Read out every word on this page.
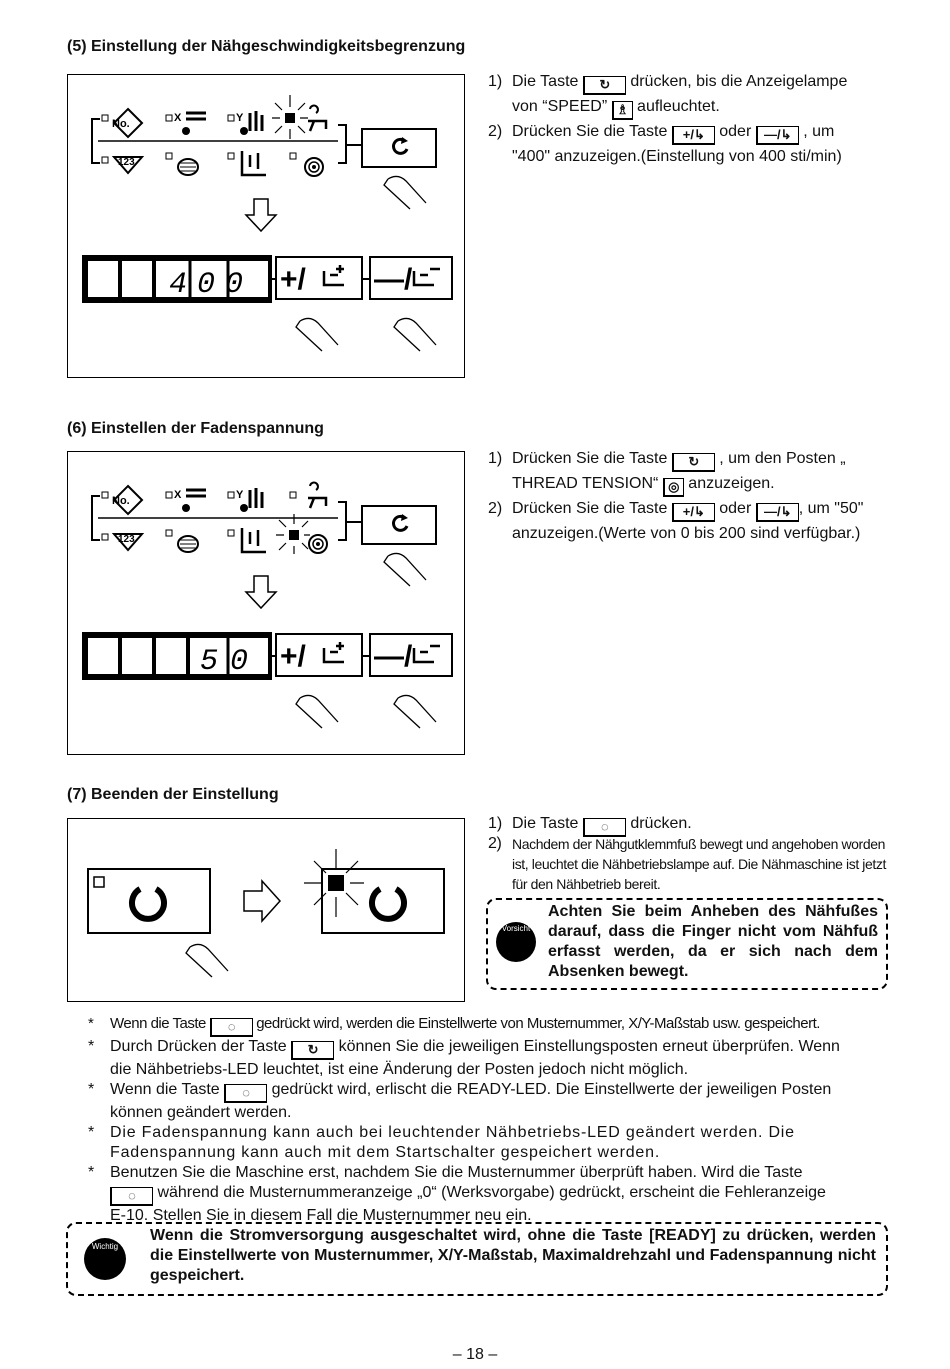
(5) Einstellung der Nähgeschwindigkeitsbegrenzung
No.	X	Y
123
400 +/ —/
1) Die Taste ↻ drücken, bis die Anzeigelampe
von “SPEED” ♗ aufleuchtet.
2) Drücken Sie die Taste +/↳ oder —/↳ , um
"400" anzuzeigen.(Einstellung von 400 sti/min)
(6) Einstellen der Fadenspannung
No.	X	Y
123
50 +/ —/
1) Drücken Sie die Taste ↻ , um den Posten „
THREAD TENSION“ ◎ anzuzeigen.
2) Drücken Sie die Taste +/↳ oder —/↳ , um "50"
anzuzeigen.(Werte von 0 bis 200 sind verfügbar.)
(7) Beenden der Einstellung
1) Die Taste ◌ drücken.
2) Nachdem der Nähgutklemmfuß bewegt und angehoben worden ist, leuchtet die Nähbetriebslampe auf. Die Nähmaschine ist jetzt für den Nähbetrieb bereit.
Vorsicht
Achten Sie beim Anheben des Nähfußes darauf, dass die Finger nicht vom Nähfuß erfasst werden, da er sich nach dem Absenken bewegt.
*	Wenn die Taste ◌ gedrückt wird, werden die Einstellwerte von Musternummer, X/Y-Maßstab usw. gespeichert.
* Durch Drücken der Taste ↻ können Sie die jeweiligen Einstellungsposten erneut überprüfen. Wenn
die Nähbetriebs-LED leuchtet, ist eine Änderung der Posten jedoch nicht möglich.
* Wenn die Taste ◌ gedrückt wird, erlischt die READY-LED. Die Einstellwerte der jeweiligen Posten
können geändert werden.
* Die Fadenspannung kann auch bei leuchtender Nähbetriebs-LED geändert werden. Die
Fadenspannung kann auch mit dem Startschalter gespeichert werden.
* Benutzen Sie die Maschine erst, nachdem Sie die Musternummer überprüft haben. Wird die Taste
◌ während die Musternummeranzeige „0“ (Werksvorgabe) gedrückt, erscheint die Fehleranzeige
E-10. Stellen Sie in diesem Fall die Musternummer neu ein.
Wichtig
Wenn die Stromversorgung ausgeschaltet wird, ohne die Taste [READY] zu drücken, werden die Einstellwerte von Musternummer, X/Y-Maßstab, Maximaldrehzahl und Fadenspannung nicht gespeichert.
– 18 –
